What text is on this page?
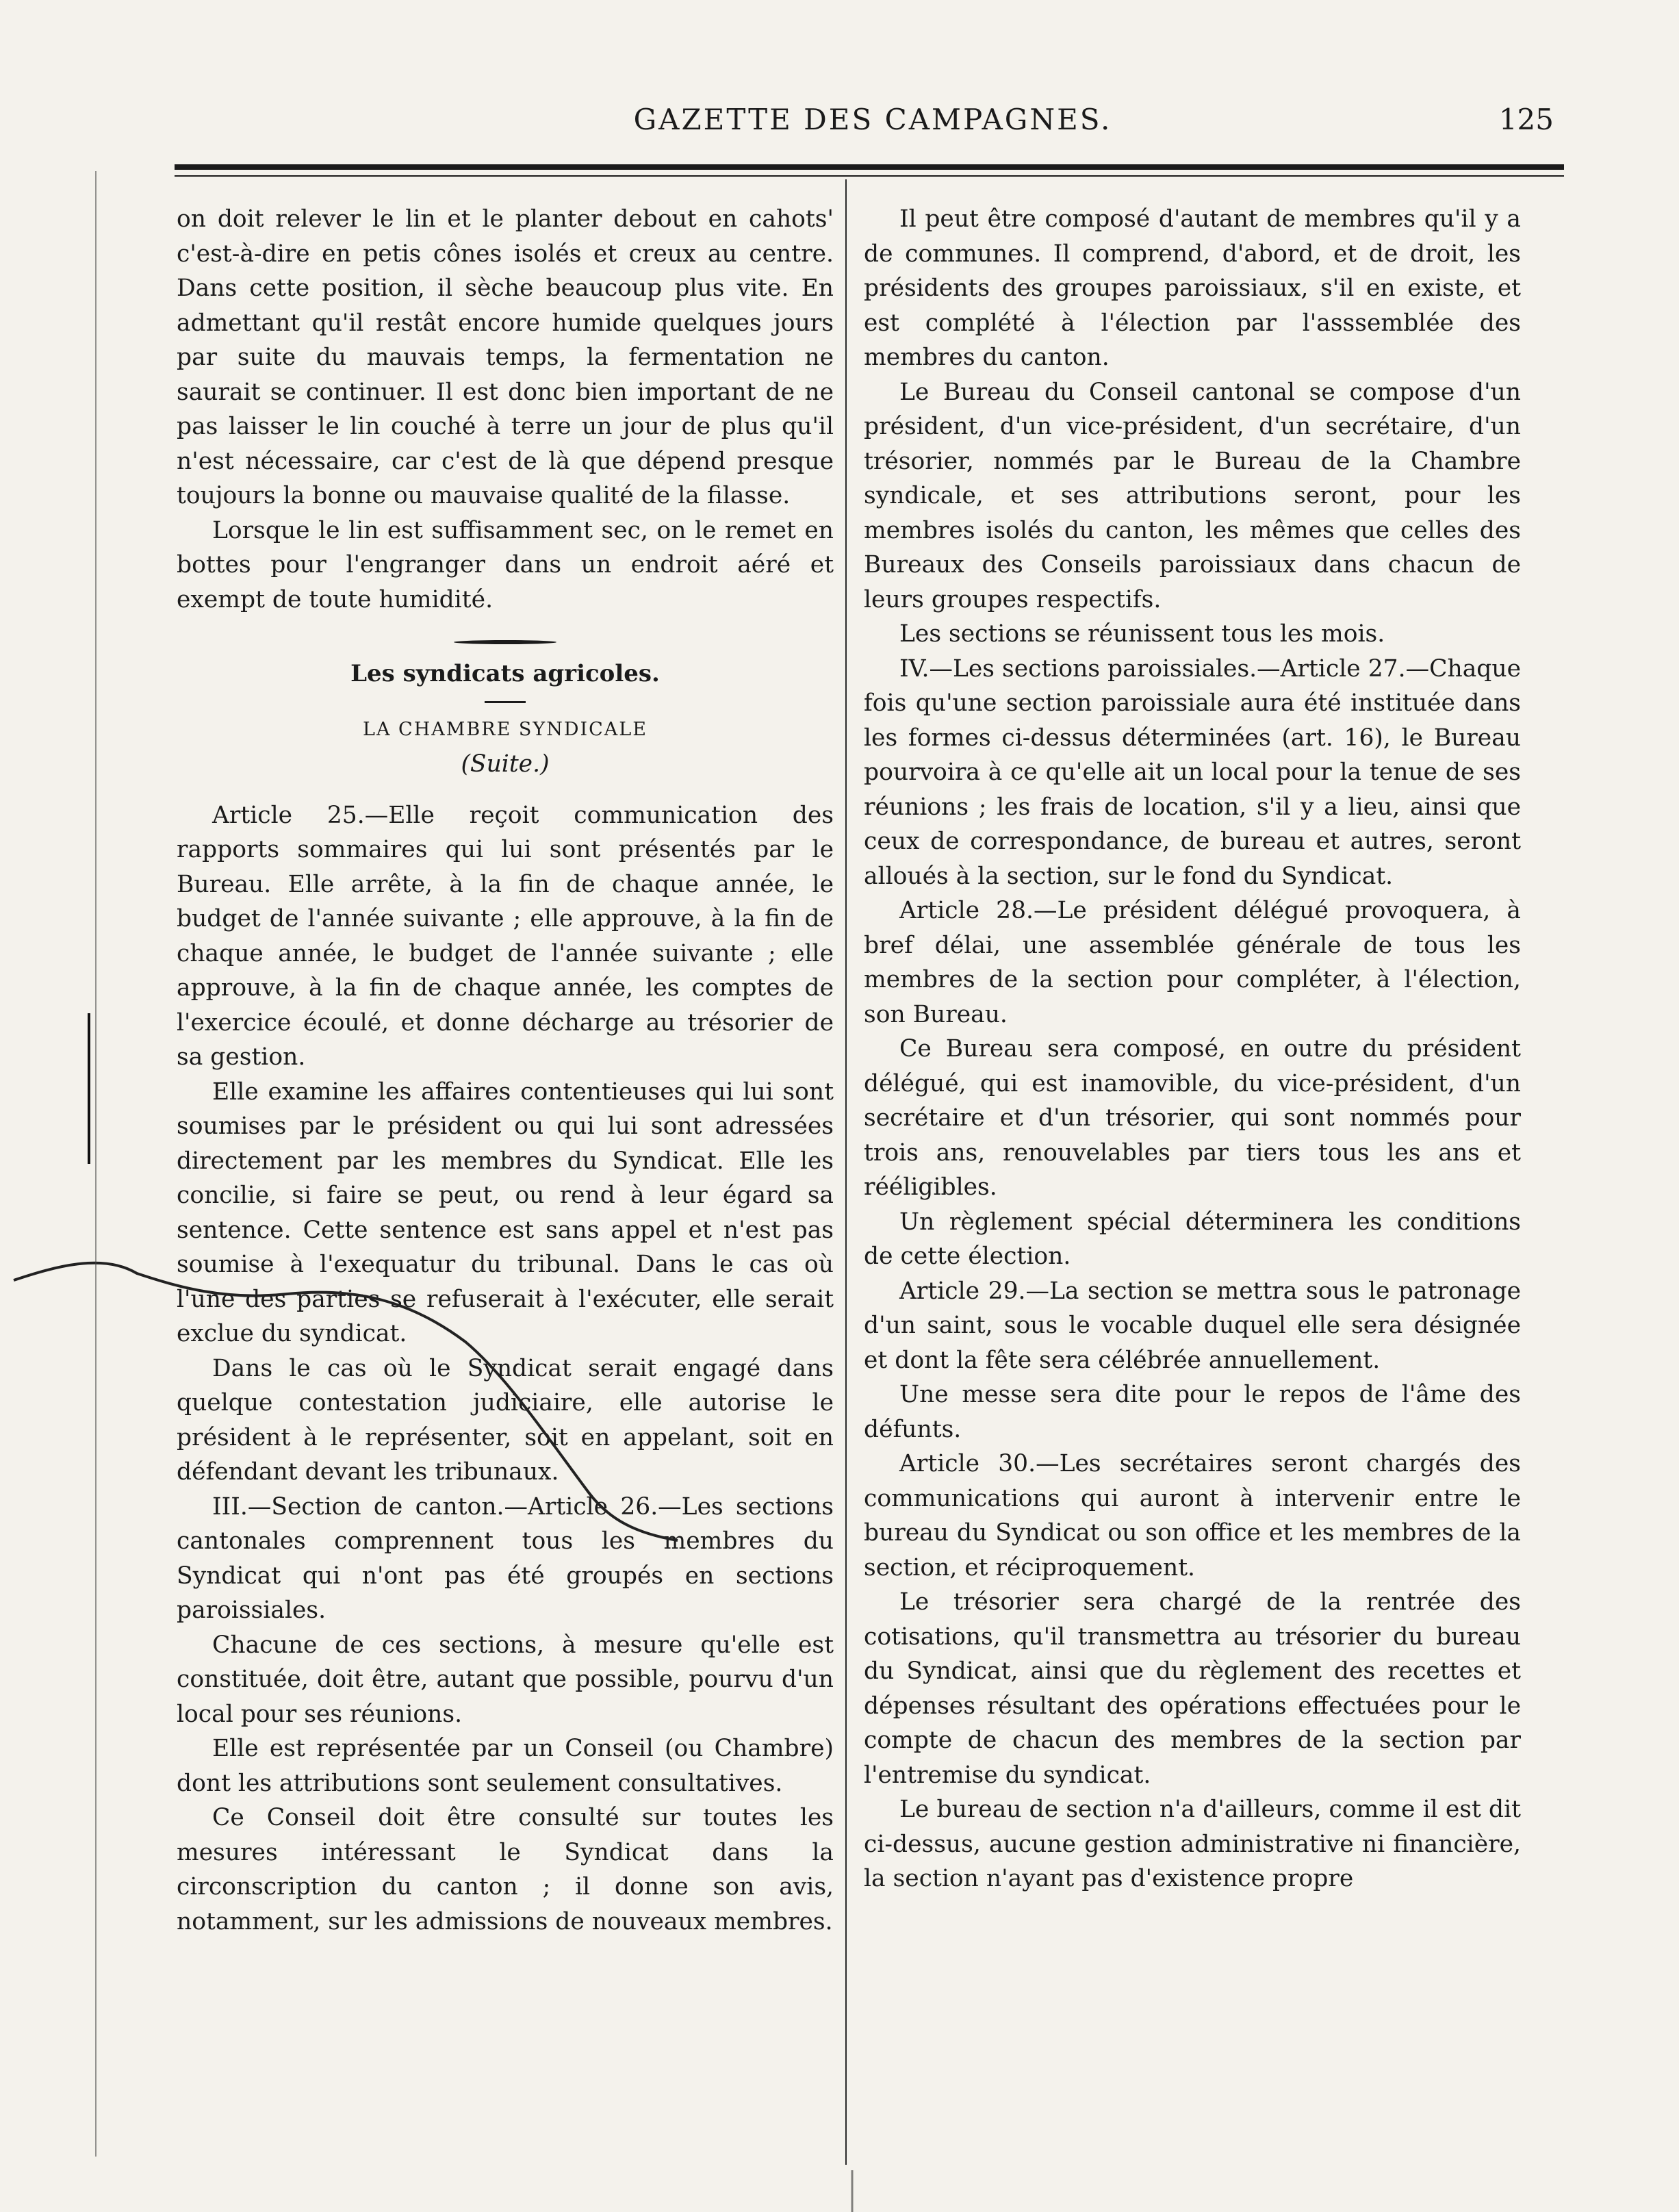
GAZETTE DES CAMPAGNES.	125

on doit relever le lin et le planter debout en cahots' c'est-à-dire en petis cônes isolés et creux au centre. Dans cette position, il sèche beaucoup plus vite. En admettant qu'il restât encore humide quelques jours par suite du mauvais temps, la fermentation ne saurait se continuer. Il est donc bien important de ne pas laisser le lin couché à terre un jour de plus qu'il n'est nécessaire, car c'est de là que dépend presque toujours la bonne ou mauvaise qualité de la filasse.

Lorsque le lin est suffisamment sec, on le remet en bottes pour l'engranger dans un endroit aéré et exempt de toute humidité.

Les syndicats agricoles.

LA CHAMBRE SYNDICALE

(Suite.)

Article 25.—Elle reçoit communication des rapports sommaires qui lui sont présentés par le Bureau. Elle arrête, à la fin de chaque année, le budget de l'année suivante ; elle approuve, à la fin de chaque année, le budget de l'année suivante ; elle approuve, à la fin de chaque année, les comptes de l'exercice écoulé, et donne décharge au trésorier de sa gestion.

Elle examine les affaires contentieuses qui lui sont soumises par le président ou qui lui sont adressées directement par les membres du Syndicat. Elle les concilie, si faire se peut, ou rend à leur égard sa sentence. Cette sentence est sans appel et n'est pas soumise à l'exequatur du tribunal. Dans le cas où l'une des parties se refuserait à l'exécuter, elle serait exclue du syndicat.

Dans le cas où le Syndicat serait engagé dans quelque contestation judiciaire, elle autorise le président à le représenter, soit en appelant, soit en défendant devant les tribunaux.

III.—Section de canton.—Article 26.—Les sections cantonales comprennent tous les membres du Syndicat qui n'ont pas été groupés en sections paroissiales.

Chacune de ces sections, à mesure qu'elle est constituée, doit être, autant que possible, pourvu d'un local pour ses réunions.

Elle est représentée par un Conseil (ou Chambre) dont les attributions sont seulement consultatives.

Ce Conseil doit être consulté sur toutes les mesures intéressant le Syndicat dans la circonscription du canton ; il donne son avis, notamment, sur les admissions de nouveaux membres.

Il peut être composé d'autant de membres qu'il y a de communes. Il comprend, d'abord, et de droit, les présidents des groupes paroissiaux, s'il en existe, et est complété à l'élection par l'asssemblée des membres du canton.

Le Bureau du Conseil cantonal se compose d'un président, d'un vice-président, d'un secrétaire, d'un trésorier, nommés par le Bureau de la Chambre syndicale, et ses attributions seront, pour les membres isolés du canton, les mêmes que celles des Bureaux des Conseils paroissiaux dans chacun de leurs groupes respectifs.

Les sections se réunissent tous les mois.

IV.—Les sections paroissiales.—Article 27.—Chaque fois qu'une section paroissiale aura été instituée dans les formes ci-dessus déterminées (art. 16), le Bureau pourvoira à ce qu'elle ait un local pour la tenue de ses réunions ; les frais de location, s'il y a lieu, ainsi que ceux de correspondance, de bureau et autres, seront alloués à la section, sur le fond du Syndicat.

Article 28.—Le président délégué provoquera, à bref délai, une assemblée générale de tous les membres de la section pour compléter, à l'élection, son Bureau.

Ce Bureau sera composé, en outre du président délégué, qui est inamovible, du vice-président, d'un secrétaire et d'un trésorier, qui sont nommés pour trois ans, renouvelables par tiers tous les ans et rééligibles.

Un règlement spécial déterminera les conditions de cette élection.

Article 29.—La section se mettra sous le patronage d'un saint, sous le vocable duquel elle sera désignée et dont la fête sera célébrée annuellement.

Une messe sera dite pour le repos de l'âme des défunts.

Article 30.—Les secrétaires seront chargés des communications qui auront à intervenir entre le bureau du Syndicat ou son office et les membres de la section, et réciproquement.

Le trésorier sera chargé de la rentrée des cotisations, qu'il transmettra au trésorier du bureau du Syndicat, ainsi que du règlement des recettes et dépenses résultant des opérations effectuées pour le compte de chacun des membres de la section par l'entremise du syndicat.

Le bureau de section n'a d'ailleurs, comme il est dit ci-dessus, aucune gestion administrative ni financière, la section n'ayant pas d'existence propre
